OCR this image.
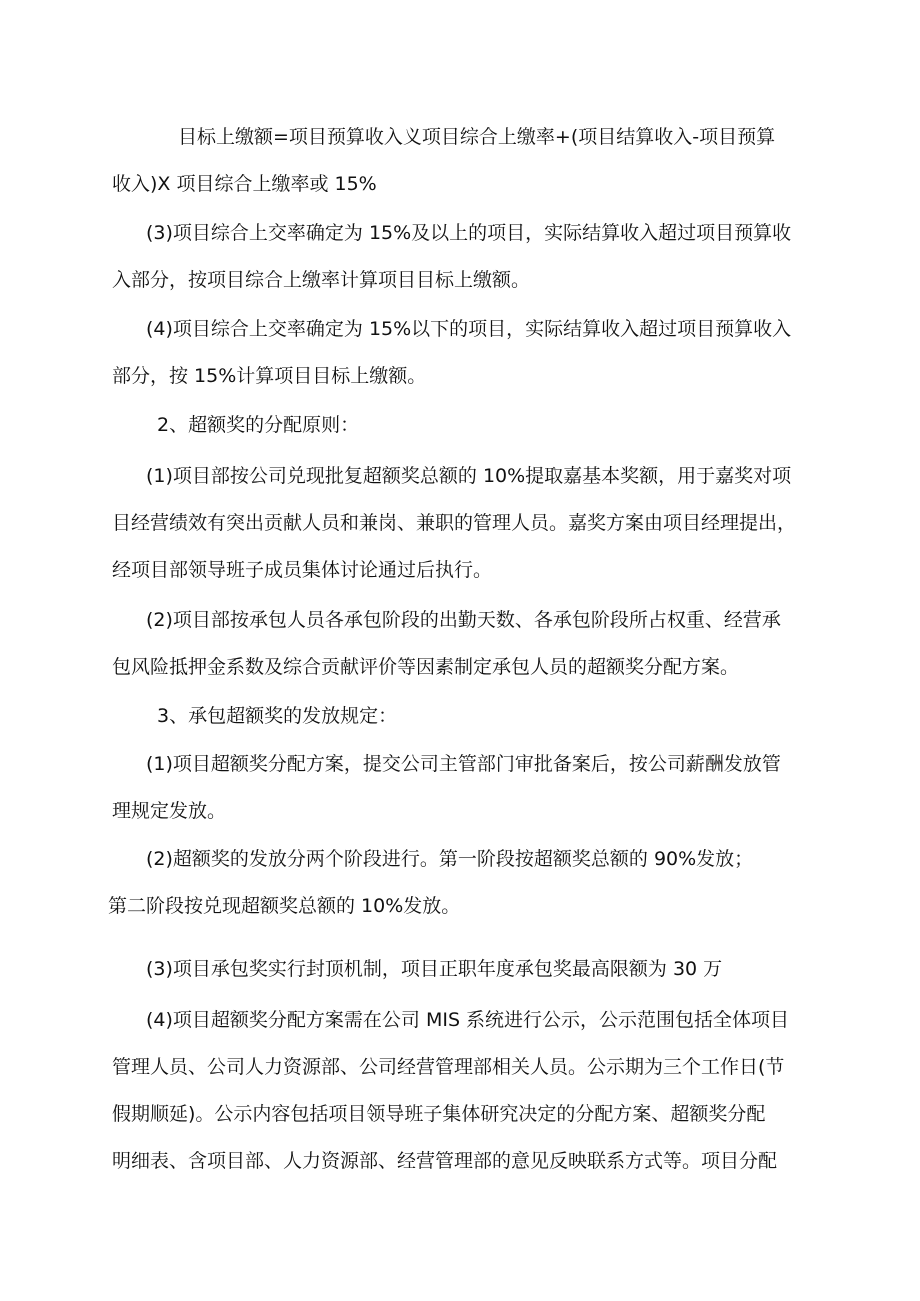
目标上缴额=项目预算收入义项目综合上缴率+(项目结算收入-项目预算
收入)X 项目综合上缴率或 15%
(3)项目综合上交率确定为 15%及以上的项目，实际结算收入超过项目预算收
入部分，按项目综合上缴率计算项目目标上缴额。
(4)项目综合上交率确定为 15%以下的项目，实际结算收入超过项目预算收入
部分，按 15%计算项目目标上缴额。
2、超额奖的分配原则：
(1)项目部按公司兑现批复超额奖总额的 10%提取嘉基本奖额，用于嘉奖对项
目经营绩效有突出贡献人员和兼岗、兼职的管理人员。嘉奖方案由项目经理提出，
经项目部领导班子成员集体讨论通过后执行。
(2)项目部按承包人员各承包阶段的出勤天数、各承包阶段所占权重、经营承
包风险抵押金系数及综合贡献评价等因素制定承包人员的超额奖分配方案。
3、承包超额奖的发放规定：
(1)项目超额奖分配方案，提交公司主管部门审批备案后，按公司薪酬发放管
理规定发放。
(2)超额奖的发放分两个阶段进行。第一阶段按超额奖总额的 90%发放；
第二阶段按兑现超额奖总额的 10%发放。
(3)项目承包奖实行封顶机制，项目正职年度承包奖最高限额为 30 万
(4)项目超额奖分配方案需在公司 MIS 系统进行公示，公示范围包括全体项目
管理人员、公司人力资源部、公司经营管理部相关人员。公示期为三个工作日(节
假期顺延)。公示内容包括项目领导班子集体研究决定的分配方案、超额奖分配
明细表、含项目部、人力资源部、经营管理部的意见反映联系方式等。项目分配
